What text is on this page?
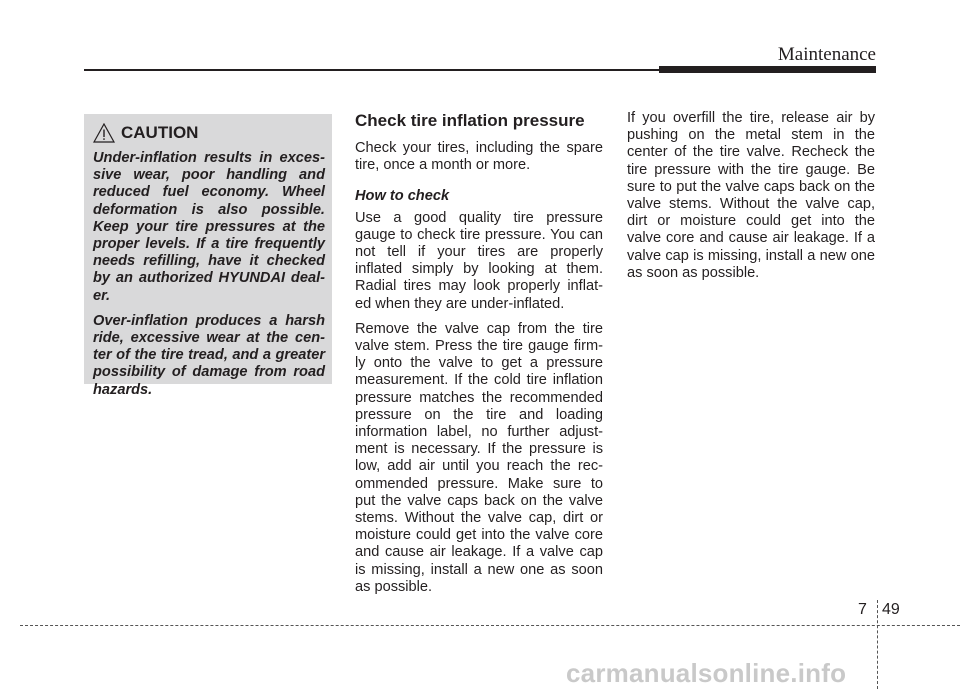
Maintenance
CAUTION

Under-inflation results in exces-sive wear, poor handling and reduced fuel economy. Wheel deformation is also possible. Keep your tire pressures at the proper levels. If a tire frequently needs refilling, have it checked by an authorized HYUNDAI deal-er.

Over-inflation produces a harsh ride, excessive wear at the cen-ter of the tire tread, and a greater possibility of damage from road hazards.

Check tire inflation pressure

Check your tires, including the spare tire, once a month or more.

How to check

Use a good quality tire pressure gauge to check tire pressure. You can not tell if your tires are properly inflated simply by looking at them. Radial tires may look properly inflat-ed when they are under-inflated.

Remove the valve cap from the tire valve stem. Press the tire gauge firm-ly onto the valve to get a pressure measurement. If the cold tire inflation pressure matches the recommended pressure on the tire and loading information label, no further adjust-ment is necessary. If the pressure is low, add air until you reach the rec-ommended pressure. Make sure to put the valve caps back on the valve stems. Without the valve cap, dirt or moisture could get into the valve core and cause air leakage. If a valve cap is missing, install a new one as soon as possible.

If you overfill the tire, release air by pushing on the metal stem in the center of the tire valve. Recheck the tire pressure with the tire gauge. Be sure to put the valve caps back on the valve stems. Without the valve cap, dirt or moisture could get into the valve core and cause air leakage. If a valve cap is missing, install a new one as soon as possible.

7 49
carmanualsonline.info
